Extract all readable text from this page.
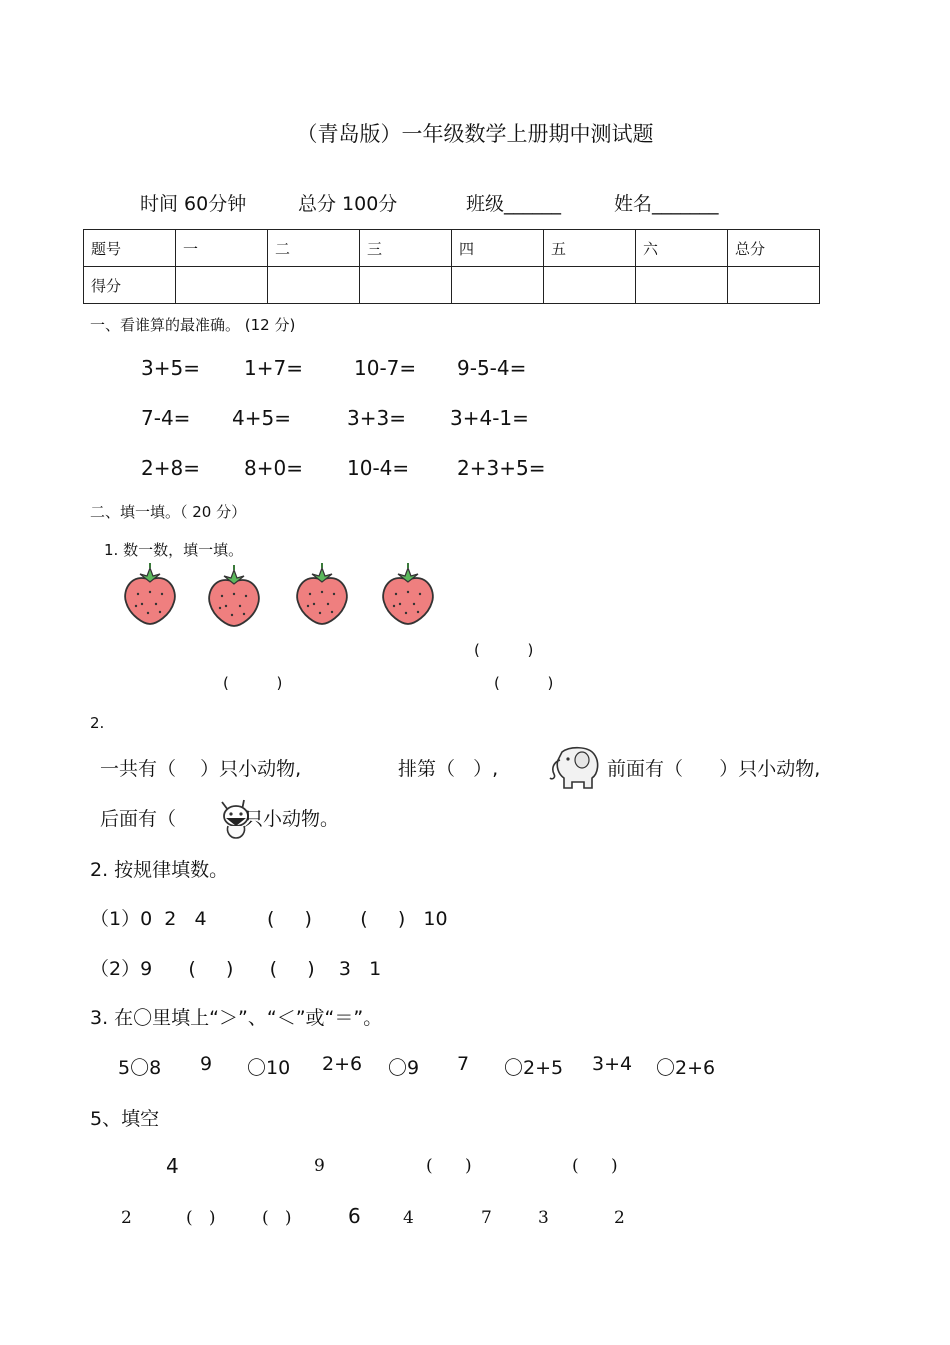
（青岛版）一年级数学上册期中测试题
时间 60分钟	总分 100分	班级______	姓名_______
题号	一	二	三	四	五	六	总分
得分							
一、看谁算的最准确。 (12 分)
3+5= 1+7=	10-7= 9-5-4=
7-4= 4+5=	3+3= 3+4-1=
2+8= 8+0= 10-4= 2+3+5=
二、填一填。（ 20 分）
1. 数一数，填一填。
(          )
(          )	(          )
2.
一共有（    ）只小动物,	排第（   ）,	前面有（      ）只小动物,
后面有（	只小动物。
2. 按规律填数。
（1）0  2   4          (     )        (     )   10
（2）9      (     )      (     )    3   1
3. 在〇里填上“＞”、“＜”或“＝”。
5〇8 9 〇10 2+6 〇9 7 〇2+5 3+4 〇2+6
5、填空
4	9	(      )	(      )
2	(   )	(   )	6 4	7	3	2
